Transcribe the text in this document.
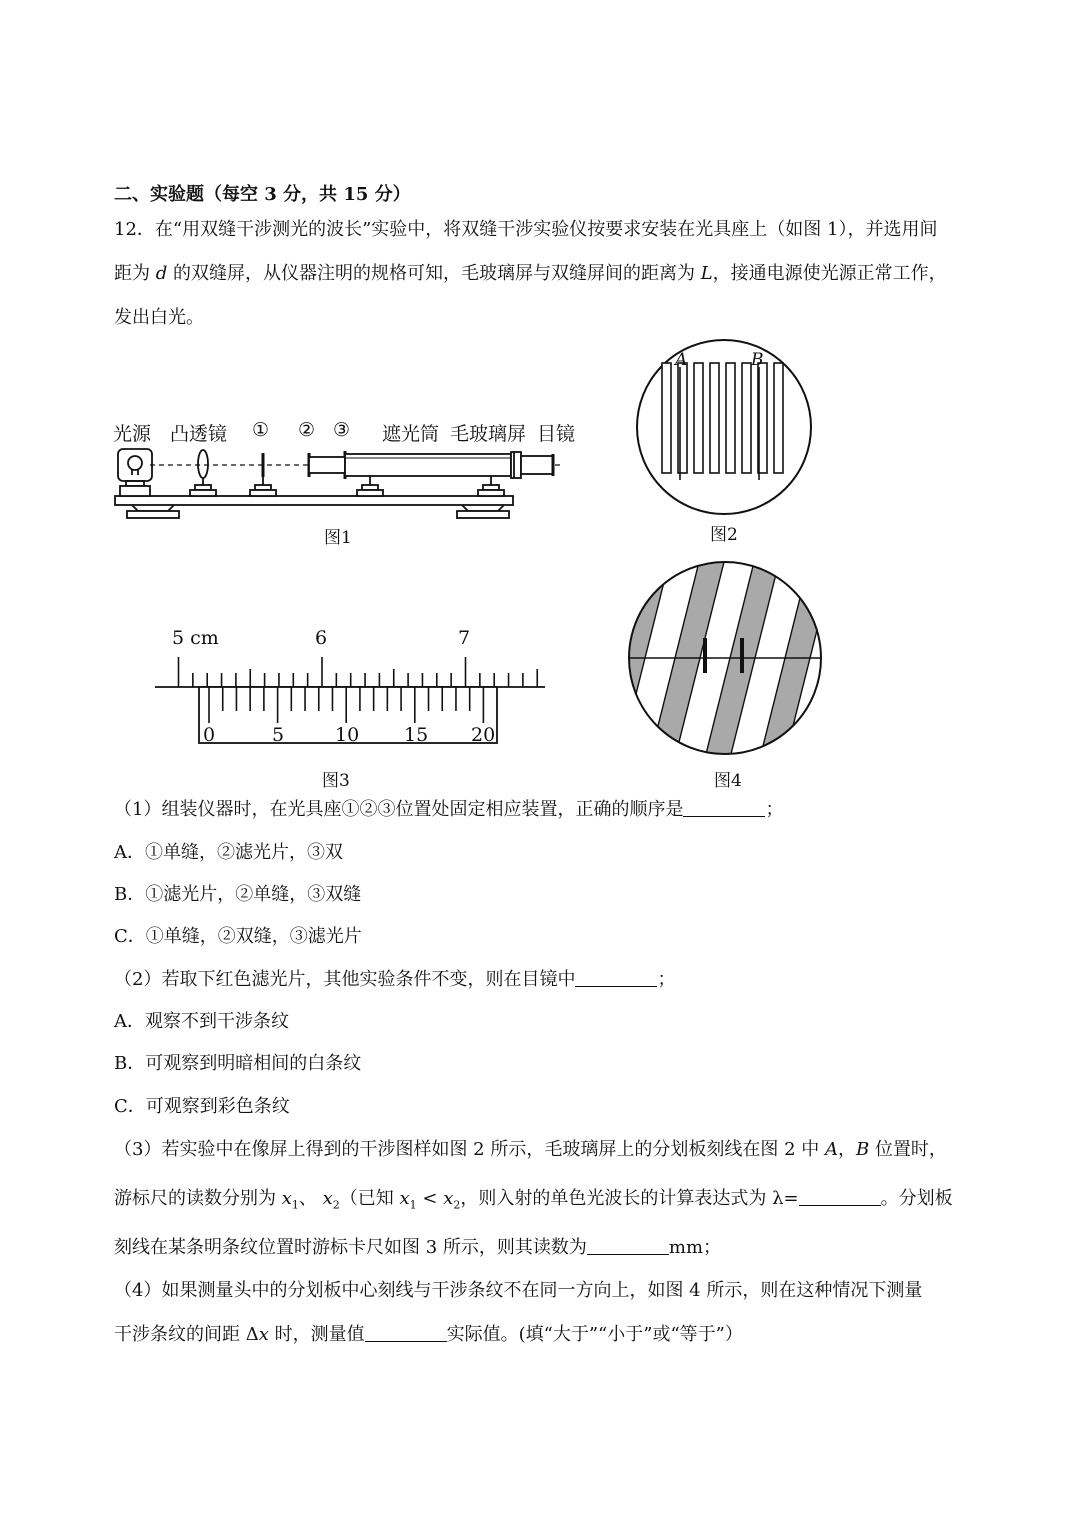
二、实验题（每空 3 分，共 15 分）
12．在“用双缝干涉测光的波长”实验中，将双缝干涉实验仪按要求安装在光具座上（如图 1），并选用间
距为 d 的双缝屏，从仪器注明的规格可知，毛玻璃屏与双缝屏间的距离为 L，接通电源使光源正常工作，
发出白光。
光源 凸透镜 ① ② ③ 遮光筒 毛玻璃屏 目镜
图1
A	B
图2
5 cm	6	7
0	5	10 15 20
图3	图4
（1）组装仪器时，在光具座①②③位置处固定相应装置，正确的顺序是	；
A．①单缝，②滤光片，③双
B．①滤光片，②单缝，③双缝
C．①单缝，②双缝，③滤光片
（2）若取下红色滤光片，其他实验条件不变，则在目镜中	；
A．观察不到干涉条纹
B．可观察到明暗相间的白条纹
C．可观察到彩色条纹
（3）若实验中在像屏上得到的干涉图样如图 2 所示，毛玻璃屏上的分划板刻线在图 2 中 A，B 位置时，
游标尺的读数分别为 $x_1$、 $x_2$（已知 $x_1 < x_2$，则入射的单色光波长的计算表达式为 λ=	。分划板
刻线在某条明条纹位置时游标卡尺如图 3 所示，则其读数为	mm；
（4）如果测量头中的分划板中心刻线与干涉条纹不在同一方向上，如图 4 所示，则在这种情况下测量
干涉条纹的间距 Δx 时，测量值	实际值。(填“大于”“小于”或“等于”）
